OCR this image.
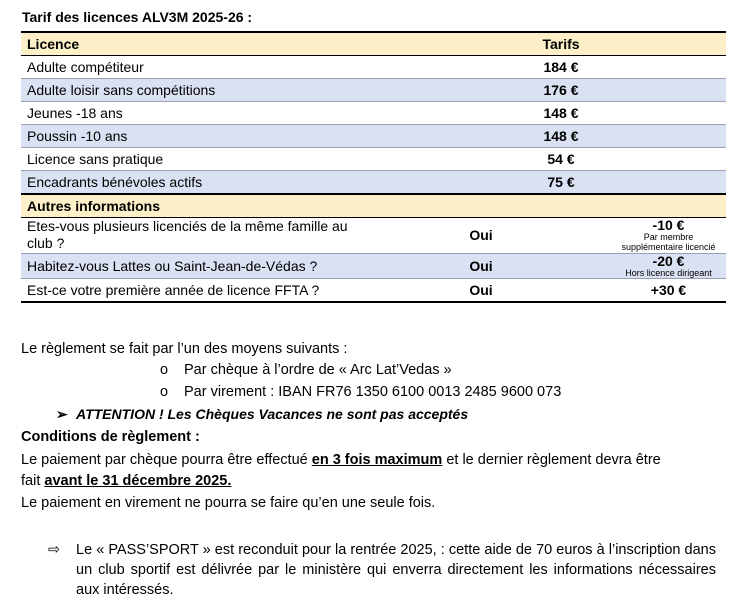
Tarif des licences ALV3M 2025-26 :
Licence		Tarifs	
Adulte compétiteur		184 €	
Adulte loisir sans compétitions		176 €	
Jeunes -18 ans		148 €	
Poussin -10 ans		148 €	
Licence sans pratique		54 €	
Encadrants bénévoles actifs		75 €	
Autres informations			

Etes-vous plusieurs licenciés de la même famille au club ?	Oui		-10 €
Par membre supplémentaire licencié

Habitez-vous Lattes ou Saint-Jean-de-Védas ?	Oui		-20 €
Hors licence dirigeant

Est-ce votre première année de licence FFTA ?	Oui		+30 €
Le règlement se fait par l’un des moyens suivants :
o Par chèque à l’ordre de « Arc Lat’Vedas »
o Par virement : IBAN FR76 1350 6100 0013 2485 9600 073
➢ ATTENTION ! Les Chèques Vacances ne sont pas acceptés
Conditions de règlement :
Le paiement par chèque pourra être effectué en 3 fois maximum et le dernier règlement devra être
fait avant le 31 décembre 2025.
Le paiement en virement ne pourra se faire qu’en une seule fois.
⇨	Le « PASS’SPORT » est reconduit pour la rentrée 2025, : cette aide de 70 euros à l’inscription dans un club sportif est délivrée par le ministère qui enverra directement les informations nécessaires aux intéressés.
